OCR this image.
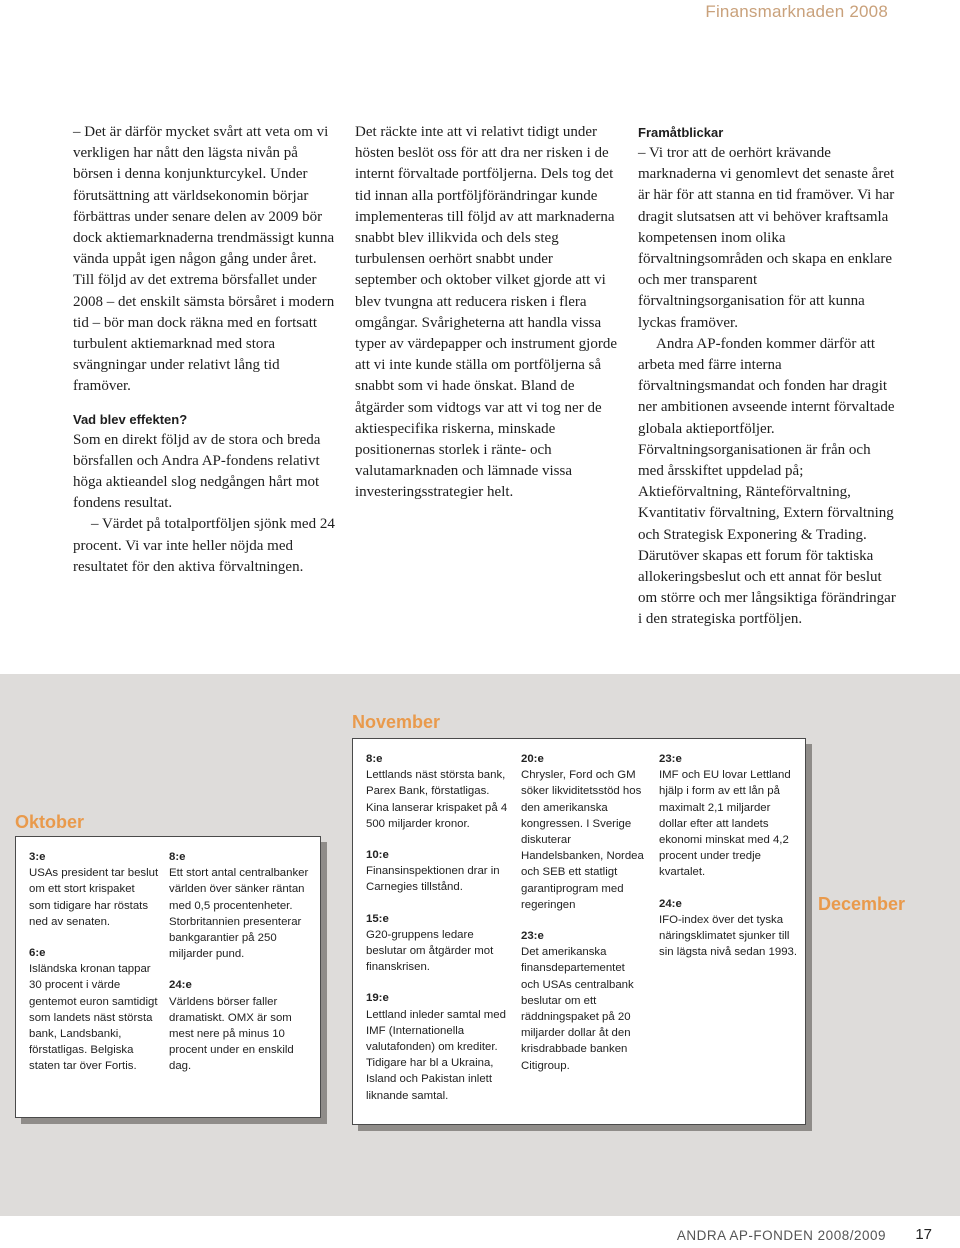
Finansmarknaden 2008

– Det är därför mycket svårt att veta om vi verkligen har nått den lägsta nivån på börsen i denna konjunkturcykel. Under förutsättning att världsekonomin börjar förbättras under senare delen av 2009 bör dock aktiemarknaderna trendmässigt kunna vända uppåt igen någon gång under året. Till följd av det extrema börsfallet under 2008 – det enskilt sämsta börsåret i modern tid – bör man dock räkna med en fortsatt turbulent aktiemarknad med stora svängningar under relativt lång tid framöver.

Vad blev effekten?

Som en direkt följd av de stora och breda börsfallen och Andra AP-fondens relativt höga aktieandel slog nedgången hårt mot fondens resultat.

– Värdet på totalportföljen sjönk med 24 procent. Vi var inte heller nöjda med resultatet för den aktiva förvaltningen.

Det räckte inte att vi relativt tidigt under hösten beslöt oss för att dra ner risken i de internt förvaltade portföljerna. Dels tog det tid innan alla portföljförändringar kunde implementeras till följd av att marknaderna snabbt blev illikvida och dels steg turbulensen oerhört snabbt under september och oktober vilket gjorde att vi blev tvungna att reducera risken i flera omgångar. Svårigheterna att handla vissa typer av värdepapper och instrument gjorde att vi inte kunde ställa om portföljerna så snabbt som vi hade önskat. Bland de åtgärder som vidtogs var att vi tog ner de aktiespecifika riskerna, minskade positionernas storlek i ränte- och valutamarknaden och lämnade vissa investeringsstrategier helt.

Framåtblickar

– Vi tror att de oerhört krävande marknaderna vi genomlevt det senaste året är här för att stanna en tid framöver. Vi har dragit slutsatsen att vi behöver kraftsamla kompetensen inom olika förvaltningsområden och skapa en enklare och mer transparent förvaltningsorganisation för att kunna lyckas framöver.

Andra AP-fonden kommer därför att arbeta med färre interna förvaltningsmandat och fonden har dragit ner ambitionen avseende internt förvaltade globala aktieportföljer. Förvaltningsorganisationen är från och med årsskiftet uppdelad på; Aktieförvaltning, Ränteförvaltning, Kvantitativ förvaltning, Extern förvaltning och Strategisk Exponering & Trading. Därutöver skapas ett forum för taktiska allokeringsbeslut och ett annat för beslut om större och mer långsiktiga förändringar i den strategiska portföljen.

November
Oktober
December
3:e
USAs president tar beslut om ett stort krispaket som tidigare har röstats ned av senaten.
6:e
Isländska kronan tappar 30 procent i värde gentemot euron samtidigt som landets näst största bank, Landsbanki, förstatligas. Belgiska staten tar över Fortis.
8:e
Ett stort antal centralbanker världen över sänker räntan med 0,5 procentenheter. Storbritannien presenterar bankgarantier på 250 miljarder pund.
24:e
Världens börser faller dramatiskt. OMX är som mest nere på minus 10 procent under en enskild dag.
8:e
Lettlands näst största bank, Parex Bank, förstatligas. Kina lanserar krispaket på 4 500 miljarder kronor.
10:e
Finansinspektionen drar in Carnegies tillstånd.
15:e
G20-gruppens ledare beslutar om åtgärder mot finanskrisen.
19:e
Lettland inleder samtal med IMF (Internationella valutafonden) om krediter. Tidigare har bl a Ukraina, Island och Pakistan inlett liknande samtal.
20:e
Chrysler, Ford och GM söker likviditetsstöd hos den amerikanska kongressen. I Sverige diskuterar Handelsbanken, Nordea och SEB ett statligt garantiprogram med regeringen
23:e
Det amerikanska finansdepartementet och USAs centralbank beslutar om ett räddningspaket på 20 miljarder dollar åt den krisdrabbade banken Citigroup.
23:e
IMF och EU lovar Lettland hjälp i form av ett lån på maximalt 2,1 miljarder dollar efter att landets ekonomi minskat med 4,2 procent under tredje kvartalet.
24:e
IFO-index över det tyska näringsklimatet sjunker till sin lägsta nivå sedan 1993.
ANDRA AP-FONDEN 2008/2009 17
